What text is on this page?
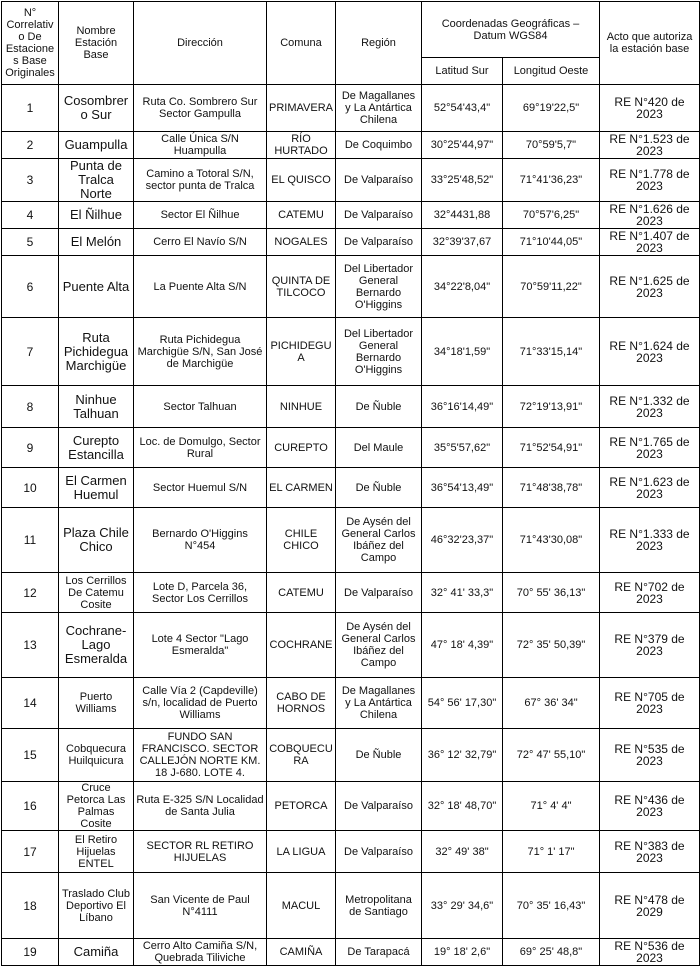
N° Correlativo De Estaciones Base Originales	Nombre Estación Base	Dirección	Comuna	Región	Coordenadas Geográficas – Datum WGS84		Acto que autoriza la estación base
					Latitud Sur	Longitud Oeste	
1	Cosombrero Sur	Ruta Co. Sombrero Sur Sector Gampulla	PRIMAVERA	De Magallanes y La Antártica Chilena	52°54'43,4"	69°19'22,5"	RE N°420 de 2023
2	Guampulla	Calle Única S/N Huampulla	RÍO HURTADO	De Coquimbo	30°25'44,97"	70°59'5,7"	RE N°1.523 de 2023
3	Punta de Tralca Norte	Camino a Totoral S/N, sector punta de Tralca	EL QUISCO	De Valparaíso	33°25'48,52"	71°41'36,23"	RE N°1.778 de 2023
4	El Ñilhue	Sector El Ñilhue	CATEMU	De Valparaíso	32°4431,88	70°57'6,25"	RE N°1.626 de 2023
5	El Melón	Cerro El Navío S/N	NOGALES	De Valparaíso	32°39'37,67	71°10'44,05"	RE N°1.407 de 2023
6	Puente Alta	La Puente Alta S/N	QUINTA DE TILCOCO	Del Libertador General Bernardo O'Higgins	34°22'8,04"	70°59'11,22"	RE N°1.625 de 2023
7	Ruta Pichidegua Marchigüe	Ruta Pichidegua Marchigüe S/N, San José de Marchigüe	PICHIDEGUA	Del Libertador General Bernardo O'Higgins	34°18'1,59"	71°33'15,14"	RE N°1.624 de 2023
8	Ninhue Talhuan	Sector Talhuan	NINHUE	De Ñuble	36°16'14,49"	72°19'13,91"	RE N°1.332 de 2023
9	Curepto Estancilla	Loc. de Domulgo, Sector Rural	CUREPTO	Del Maule	35°5'57,62"	71°52'54,91"	RE N°1.765 de 2023
10	El Carmen Huemul	Sector Huemul S/N	EL CARMEN	De Ñuble	36°54'13,49"	71°48'38,78"	RE N°1.623 de 2023
11	Plaza Chile Chico	Bernardo O'Higgins N°454	CHILE CHICO	De Aysén del General Carlos Ibáñez del Campo	46°32'23,37"	71°43'30,08"	RE N°1.333 de 2023
12	Los Cerrillos De Catemu Cosite	Lote D, Parcela 36, Sector Los Cerrillos	CATEMU	De Valparaíso	32° 41' 33,3"	70° 55' 36,13"	RE N°702 de 2023
13	Cochrane-Lago Esmeralda	Lote 4 Sector "Lago Esmeralda"	COCHRANE	De Aysén del General Carlos Ibáñez del Campo	47° 18' 4,39"	72° 35' 50,39"	RE N°379 de 2023
14	Puerto Williams	Calle Vía 2 (Capdeville) s/n, localidad de Puerto Williams	CABO DE HORNOS	De Magallanes y La Antártica Chilena	54° 56' 17,30"	67° 36' 34"	RE N°705 de 2023
15	Cobquecura Huilquicura	FUNDO SAN FRANCISCO. SECTOR CALLEJÓN NORTE KM. 18 J-680. LOTE 4.	COBQUECURA	De Ñuble	36° 12' 32,79"	72° 47' 55,10"	RE N°535 de 2023
16	Cruce Petorca Las Palmas Cosite	Ruta E-325 S/N Localidad de Santa Julia	PETORCA	De Valparaíso	32° 18' 48,70"	71° 4' 4"	RE N°436 de 2023
17	El Retiro Hijuelas ENTEL	SECTOR RL RETIRO HIJUELAS	LA LIGUA	De Valparaíso	32° 49' 38"	71° 1' 17"	RE N°383 de 2023
18	Traslado Club Deportivo El Líbano	San Vicente de Paul N°4111	MACUL	Metropolitana de Santiago	33° 29' 34,6"	70° 35' 16,43"	RE N°478 de 2029
19	Camiña	Cerro Alto Camiña S/N, Quebrada Tiliviche	CAMIÑA	De Tarapacá	19° 18' 2,6"	69° 25' 48,8"	RE N°536 de 2023
